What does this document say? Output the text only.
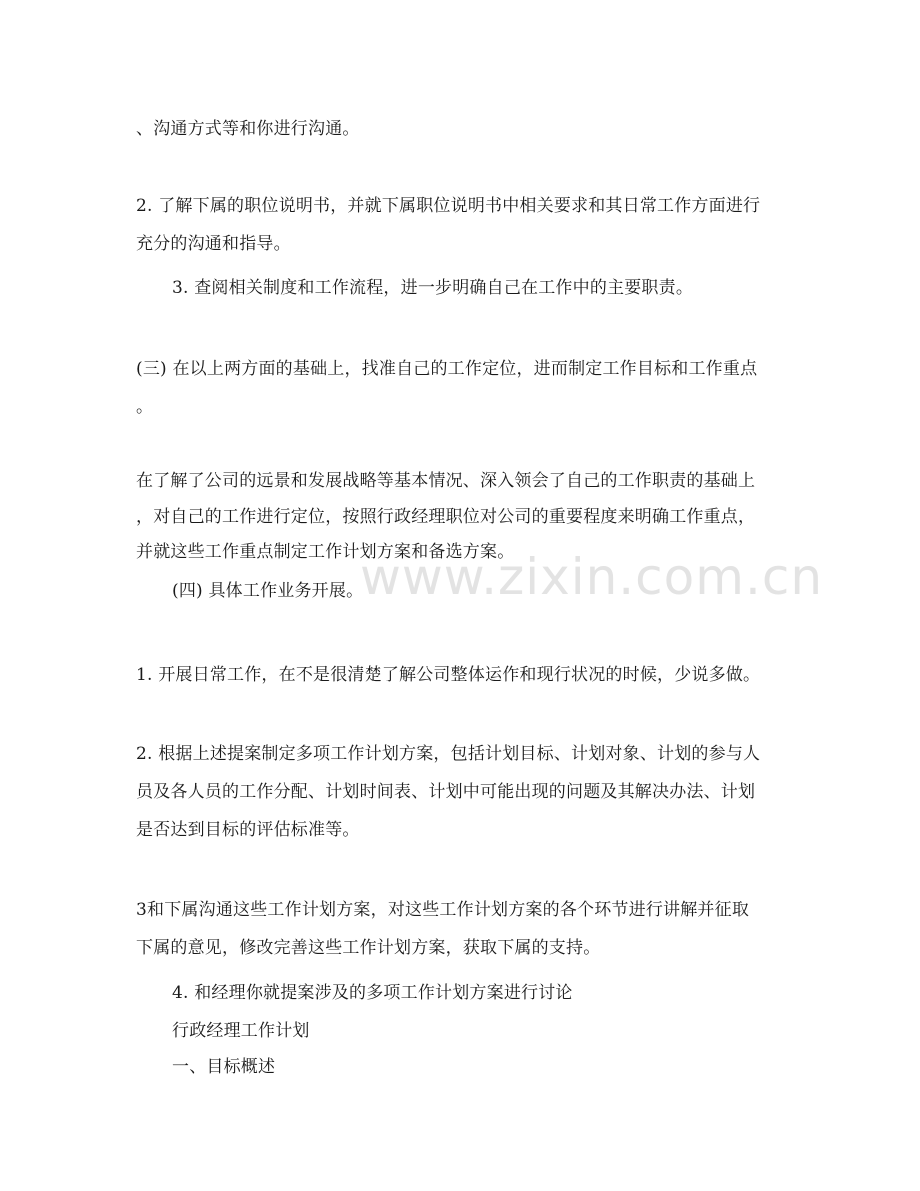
www.zixin.com.cn
、沟通方式等和你进行沟通。
2. 了解下属的职位说明书，并就下属职位说明书中相关要求和其日常工作方面进行
充分的沟通和指导。
3. 查阅相关制度和工作流程，进一步明确自己在工作中的主要职责。
(三) 在以上两方面的基础上，找准自己的工作定位，进而制定工作目标和工作重点
。
在了解了公司的远景和发展战略等基本情况、深入领会了自己的工作职责的基础上
，对自己的工作进行定位，按照行政经理职位对公司的重要程度来明确工作重点，
并就这些工作重点制定工作计划方案和备选方案。
(四) 具体工作业务开展。
1. 开展日常工作，在不是很清楚了解公司整体运作和现行状况的时候，少说多做。
2. 根据上述提案制定多项工作计划方案，包括计划目标、计划对象、计划的参与人
员及各人员的工作分配、计划时间表、计划中可能出现的问题及其解决办法、计划
是否达到目标的评估标准等。
3和下属沟通这些工作计划方案，对这些工作计划方案的各个环节进行讲解并征取
下属的意见，修改完善这些工作计划方案，获取下属的支持。
4. 和经理你就提案涉及的多项工作计划方案进行讨论
行政经理工作计划
一、目标概述
